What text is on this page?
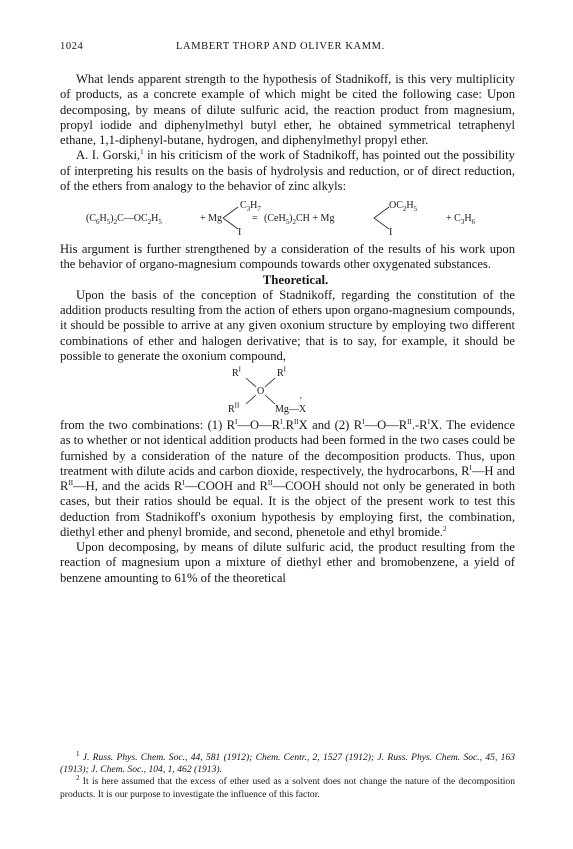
1024	LAMBERT THORP AND OLIVER KAMM.

What lends apparent strength to the hypothesis of Stadnikoff, is this very multiplicity of products, as a concrete example of which might be cited the following case: Upon decomposing, by means of dilute sulfuric acid, the reaction product from magnesium, propyl iodide and diphenylmethyl butyl ether, he obtained symmetrical tetraphenyl ethane, 1,1-diphenyl-butane, hydrogen, and diphenylmethyl propyl ether.

A. I. Gorski,$^1$ in his criticism of the work of Stadnikoff, has pointed out the possibility of interpreting his results on the basis of hydrolysis and reduction, or of direct reduction, of the ethers from analogy to the behavior of zinc alkyls:

$(C_6H_5)_2C—OC_2H_5$	+ Mg
$C_3H_7$
I
= $(CeH_5)_2CH + Mg$
$OC_2H_5$
I
+ $C_3H_6$

His argument is further strengthened by a consideration of the results of his work upon the behavior of organo-magnesium compounds towards other oxygenated substances.

Theoretical.

Upon the basis of the conception of Stadnikoff, regarding the constitution of the addition products resulting from the action of ethers upon organo-magnesium compounds, it should be possible to arrive at any given oxonium structure by employing two different combinations of ether and halogen derivative; that is to say, for example, it should be possible to generate the oxonium compound,

$R^I$	$R^I$
O
$R^{II}$	Mg—X
'

from the two combinations: (1) $R^I—O—R^I.R^{II}X$ and (2) $R^I—O—R^{II}.-R^IX$. The evidence as to whether or not identical addition products had been formed in the two cases could be furnished by a consideration of the nature of the decomposition products. Thus, upon treatment with dilute acids and carbon dioxide, respectively, the hydrocarbons, $R^I—H$ and $R^{II}—H$, and the acids $R^I—COOH$ and $R^{II}—COOH$ should not only be generated in both cases, but their ratios should be equal. It is the object of the present work to test this deduction from Stadnikoff's oxonium hypothesis by employing first, the combination, diethyl ether and phenyl bromide, and second, phenetole and ethyl bromide.$^2$

Upon decomposing, by means of dilute sulfuric acid, the product resulting from the reaction of magnesium upon a mixture of diethyl ether and bromobenzene, a yield of benzene amounting to 61% of the theoretical

$^1$ J. Russ. Phys. Chem. Soc., 44, 581 (1912); Chem. Centr., 2, 1527 (1912); J. Russ. Phys. Chem. Soc., 45, 163 (1913); J. Chem. Soc., 104, 1, 462 (1913).

$^2$ It is here assumed that the excess of ether used as a solvent does not change the nature of the decomposition products. It is our purpose to investigate the influence of this factor.
